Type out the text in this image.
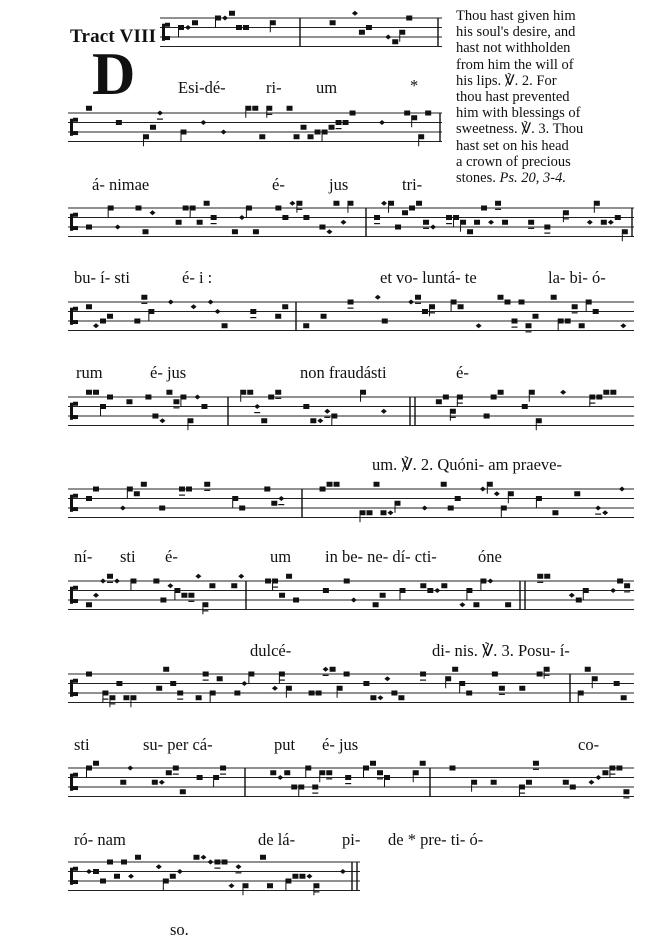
Tract VIII
D
Thou hast given him
his soul's desire, and
hast not withholden
from him the will of
his lips. ℣. 2. For
thou hast prevented
him with blessings of
sweetness. ℣. 3. Thou
hast set on his head
a crown of precious
stones. Ps. 20, 3-4.
Esi-dé- ri- um	*
á- nimae	é-	jus	tri-
bu- í- sti	é- i :	et vo- luntá- te	la- bi- ó-
rum	é- jus	non fraudásti	é-
um. ℣. 2. Quóni- am praeve-
ní- sti é-	um in be- ne- dí- cti- óne
dulcé-	di- nis. ℣. 3. Posu- í-
sti	su- per cá-	put é- jus	co-
ró- nam	de lá-	pi- de * pre- ti- ó-
so.
